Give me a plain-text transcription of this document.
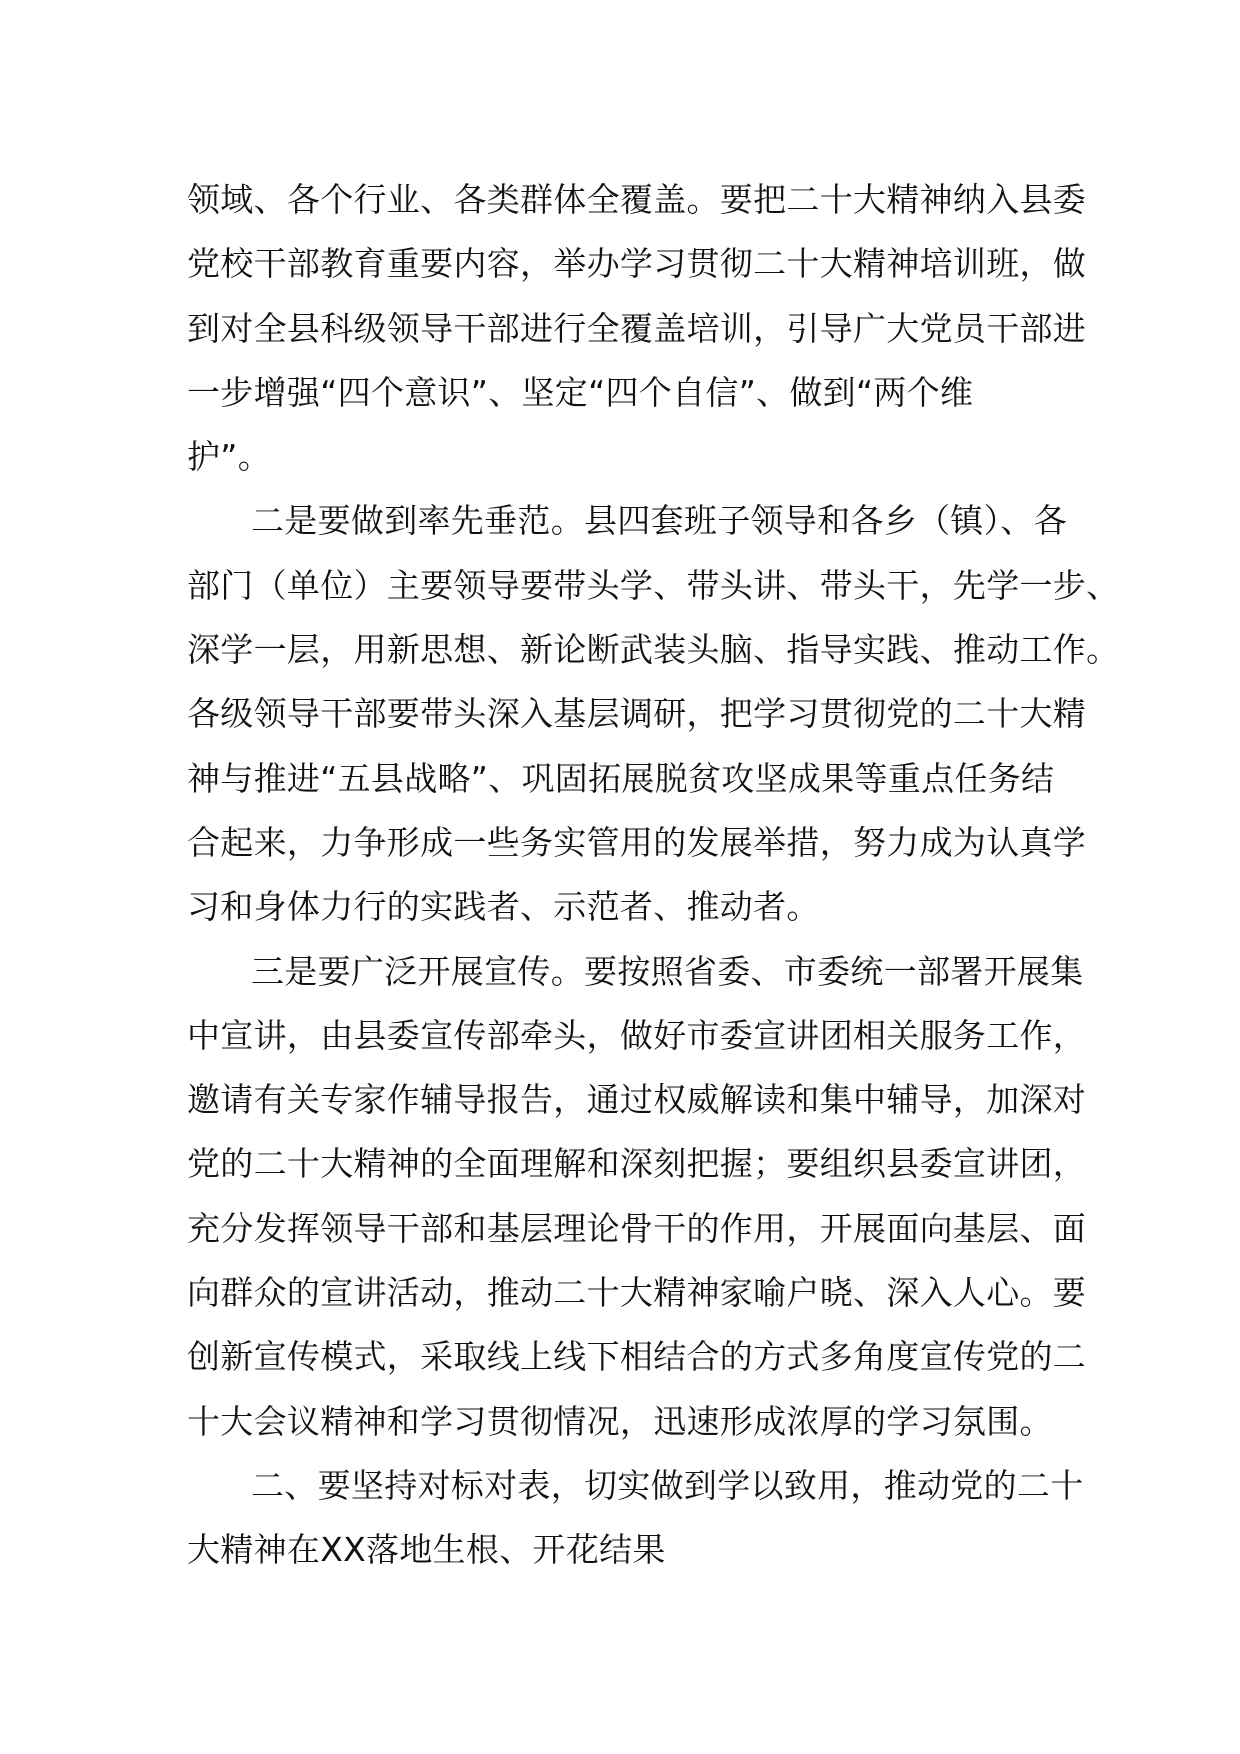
领域、各个行业、各类群体全覆盖。要把二十大精神纳入县委
党校干部教育重要内容，举办学习贯彻二十大精神培训班，做
到对全县科级领导干部进行全覆盖培训，引导广大党员干部进
一步增强“四个意识”、坚定“四个自信”、做到“两个维
护”。
二是要做到率先垂范。县四套班子领导和各乡（镇）、各
部门（单位）主要领导要带头学、带头讲、带头干，先学一步、
深学一层，用新思想、新论断武装头脑、指导实践、推动工作。
各级领导干部要带头深入基层调研，把学习贯彻党的二十大精
神与推进“五县战略”、巩固拓展脱贫攻坚成果等重点任务结
合起来，力争形成一些务实管用的发展举措，努力成为认真学
习和身体力行的实践者、示范者、推动者。
三是要广泛开展宣传。要按照省委、市委统一部署开展集
中宣讲，由县委宣传部牵头，做好市委宣讲团相关服务工作，
邀请有关专家作辅导报告，通过权威解读和集中辅导，加深对
党的二十大精神的全面理解和深刻把握；要组织县委宣讲团，
充分发挥领导干部和基层理论骨干的作用，开展面向基层、面
向群众的宣讲活动，推动二十大精神家喻户晓、深入人心。要
创新宣传模式，采取线上线下相结合的方式多角度宣传党的二
十大会议精神和学习贯彻情况，迅速形成浓厚的学习氛围。
二、要坚持对标对表，切实做到学以致用，推动党的二十
大精神在XX落地生根、开花结果
